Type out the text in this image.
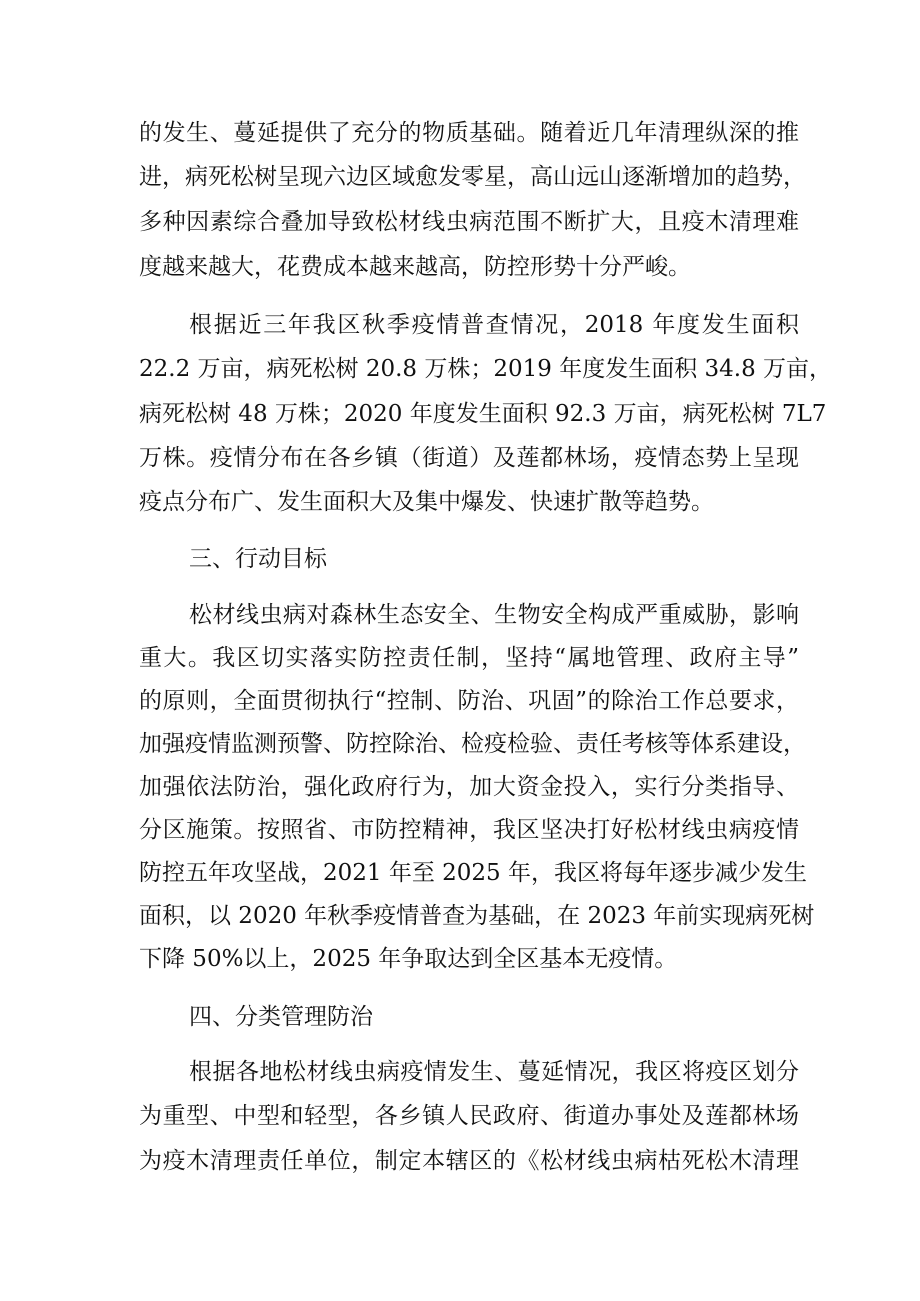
的发生、蔓延提供了充分的物质基础。随着近几年清理纵深的推
进，病死松树呈现六边区域愈发零星，高山远山逐渐增加的趋势，
多种因素综合叠加导致松材线虫病范围不断扩大，且疫木清理难
度越来越大，花费成本越来越高，防控形势十分严峻。
根据近三年我区秋季疫情普查情况，2018 年度发生面积
22.2 万亩，病死松树 20.8 万株；2019 年度发生面积 34.8 万亩，
病死松树 48 万株；2020 年度发生面积 92.3 万亩，病死松树 7L7
万株。疫情分布在各乡镇（街道）及莲都林场，疫情态势上呈现
疫点分布广、发生面积大及集中爆发、快速扩散等趋势。
三、行动目标
松材线虫病对森林生态安全、生物安全构成严重威胁，影响
重大。我区切实落实防控责任制，坚持“属地管理、政府主导”
的原则，全面贯彻执行“控制、防治、巩固”的除治工作总要求，
加强疫情监测预警、防控除治、检疫检验、责任考核等体系建设，
加强依法防治，强化政府行为，加大资金投入，实行分类指导、
分区施策。按照省、市防控精神，我区坚决打好松材线虫病疫情
防控五年攻坚战，2021 年至 2025 年，我区将每年逐步减少发生
面积，以 2020 年秋季疫情普查为基础，在 2023 年前实现病死树
下降 50%以上，2025 年争取达到全区基本无疫情。
四、分类管理防治
根据各地松材线虫病疫情发生、蔓延情况，我区将疫区划分
为重型、中型和轻型，各乡镇人民政府、街道办事处及莲都林场
为疫木清理责任单位，制定本辖区的《松材线虫病枯死松木清理
